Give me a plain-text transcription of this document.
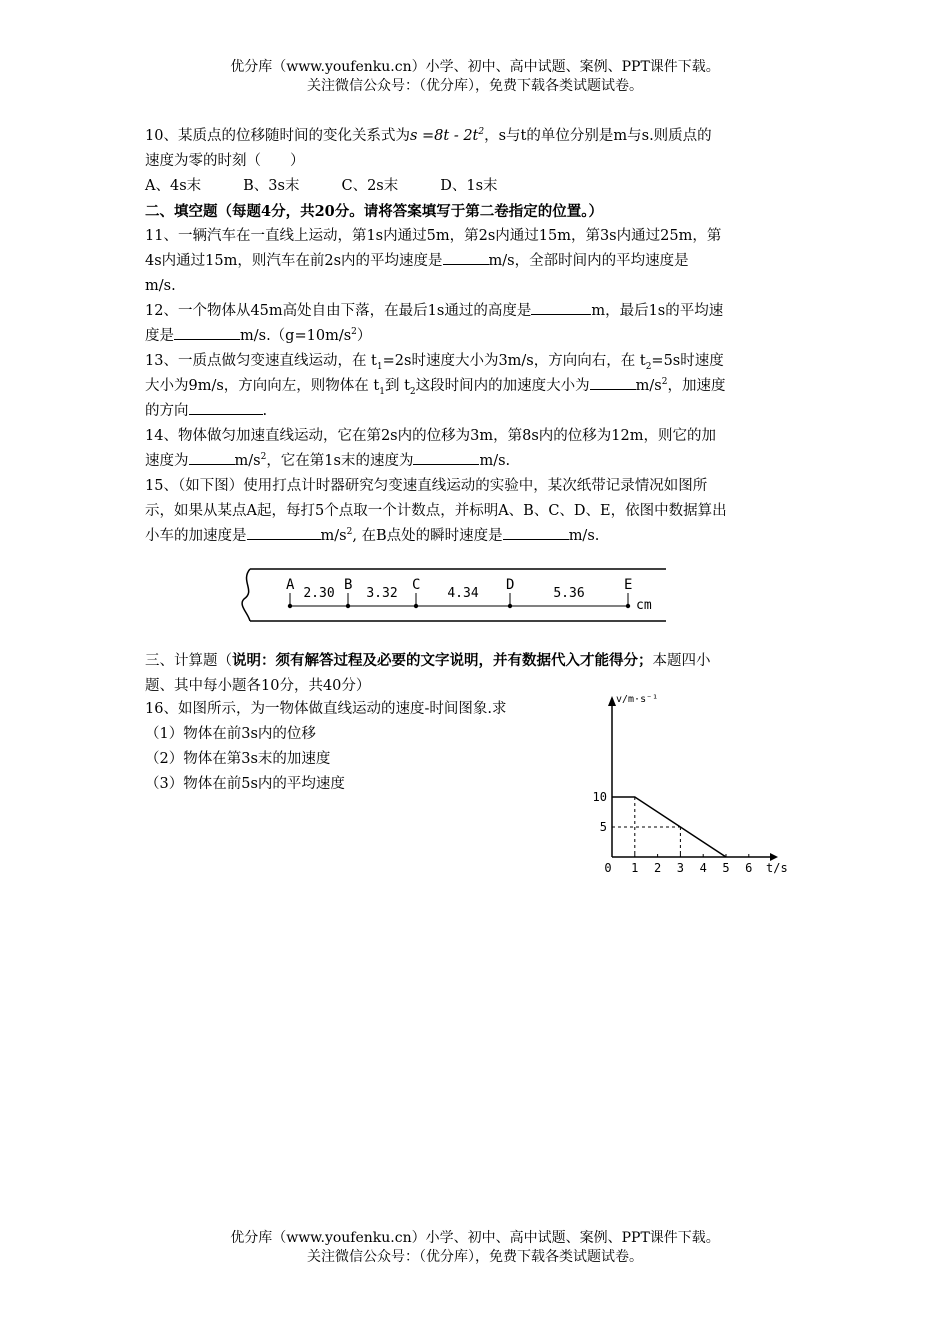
优分库（www.youfenku.cn）小学、初中、高中试题、案例、PPT课件下载。
关注微信公众号：（优分库），免费下载各类试题试卷。

10、某质点的位移随时间的变化关系式为$s =8t - 2t^2$，s与t的单位分别是m与s.则质点的

速度为零的时刻（　　）

A、4s末	B、3s末	C、2s末	D、1s末

二、填空题（每题4分，共20分。请将答案填写于第二卷指定的位置。）

11、一辆汽车在一直线上运动，第1s内通过5m，第2s内通过15m，第3s内通过25m，第

4s内通过15m，则汽车在前2s内的平均速度是	m/s，全部时间内的平均速度是

m/s.

12、一个物体从45m高处自由下落，在最后1s通过的高度是	m，最后1s的平均速

度是	$m/s.(g=10m/s^2)$

13、一质点做匀变速直线运动，在 $t_1=2s$时速度大小为3m/s，方向向右，在 $t_2=5s$时速度

大小为9m/s，方向向左，则物体在 $t_1$到 $t_2$这段时间内的加速度大小为	$m/s^2$，加速度

的方向	.

14、物体做匀加速直线运动，它在第2s内的位移为3m，第8s内的位移为12m，则它的加

速度为	$m/s^2$，它在第1s末的速度为	m/s.

15、（如下图）使用打点计时器研究匀变速直线运动的实验中，某次纸带记录情况如图所

示，如果从某点A起，每打5个点取一个计数点，并标明A、B、C、D、E，依图中数据算出

小车的加速度是	$m/s^2$, 在B点处的瞬时速度是	m/s.

A	B	C	D	E
2.30 3.32	4.34	5.36
cm

三、计算题（说明：须有解答过程及必要的文字说明，并有数据代入才能得分；本题四小

题、其中每小题各10分，共40分）

16、如图所示，为一物体做直线运动的速度-时间图象.求

（1）物体在前3s内的位移

（2）物体在第3s末的加速度

（3）物体在前5s内的平均速度

0 1 2 3 4 5 6
5
10
v/m·s⁻¹
t/s
优分库（www.youfenku.cn）小学、初中、高中试题、案例、PPT课件下载。
关注微信公众号：（优分库），免费下载各类试题试卷。
